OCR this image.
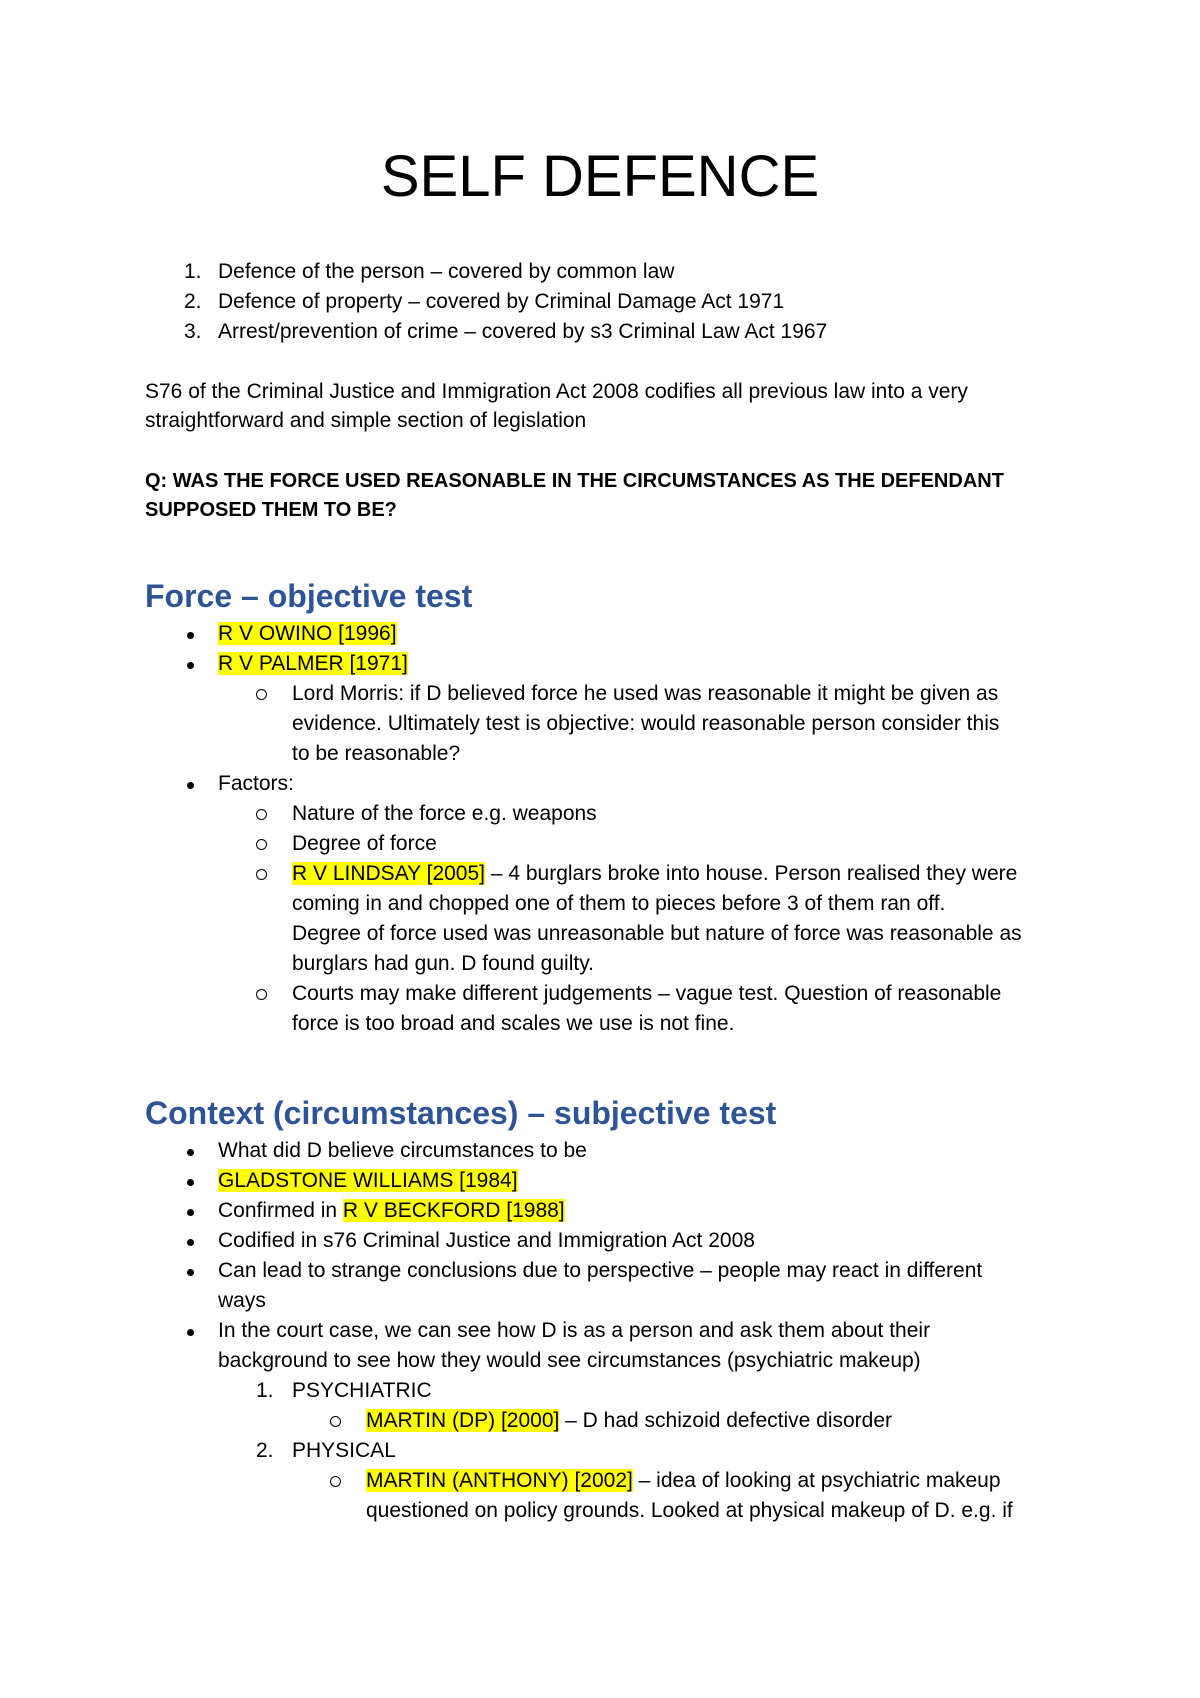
SELF DEFENCE
1. Defence of the person – covered by common law

2. Defence of property – covered by Criminal Damage Act 1971

3. Arrest/prevention of crime – covered by s3 Criminal Law Act 1967

S76 of the Criminal Justice and Immigration Act 2008 codifies all previous law into a very

straightforward and simple section of legislation

Q: WAS THE FORCE USED REASONABLE IN THE CIRCUMSTANCES AS THE DEFENDANT

SUPPOSED THEM TO BE?

Force – objective test

R V OWINO [1996]

R V PALMER [1971]

Lord Morris: if D believed force he used was reasonable it might be given as

evidence. Ultimately test is objective: would reasonable person consider this

to be reasonable?

Factors:

Nature of the force e.g. weapons

Degree of force

R V LINDSAY [2005] – 4 burglars broke into house. Person realised they were

coming in and chopped one of them to pieces before 3 of them ran off.

Degree of force used was unreasonable but nature of force was reasonable as

burglars had gun. D found guilty.

Courts may make different judgements – vague test. Question of reasonable

force is too broad and scales we use is not fine.

Context (circumstances) – subjective test

What did D believe circumstances to be

GLADSTONE WILLIAMS [1984]

Confirmed in R V BECKFORD [1988]

Codified in s76 Criminal Justice and Immigration Act 2008

Can lead to strange conclusions due to perspective – people may react in different

ways

In the court case, we can see how D is as a person and ask them about their

background to see how they would see circumstances (psychiatric makeup)

1. PSYCHIATRIC

MARTIN (DP) [2000] – D had schizoid defective disorder

2. PHYSICAL

MARTIN (ANTHONY) [2002] – idea of looking at psychiatric makeup

questioned on policy grounds. Looked at physical makeup of D. e.g. if
